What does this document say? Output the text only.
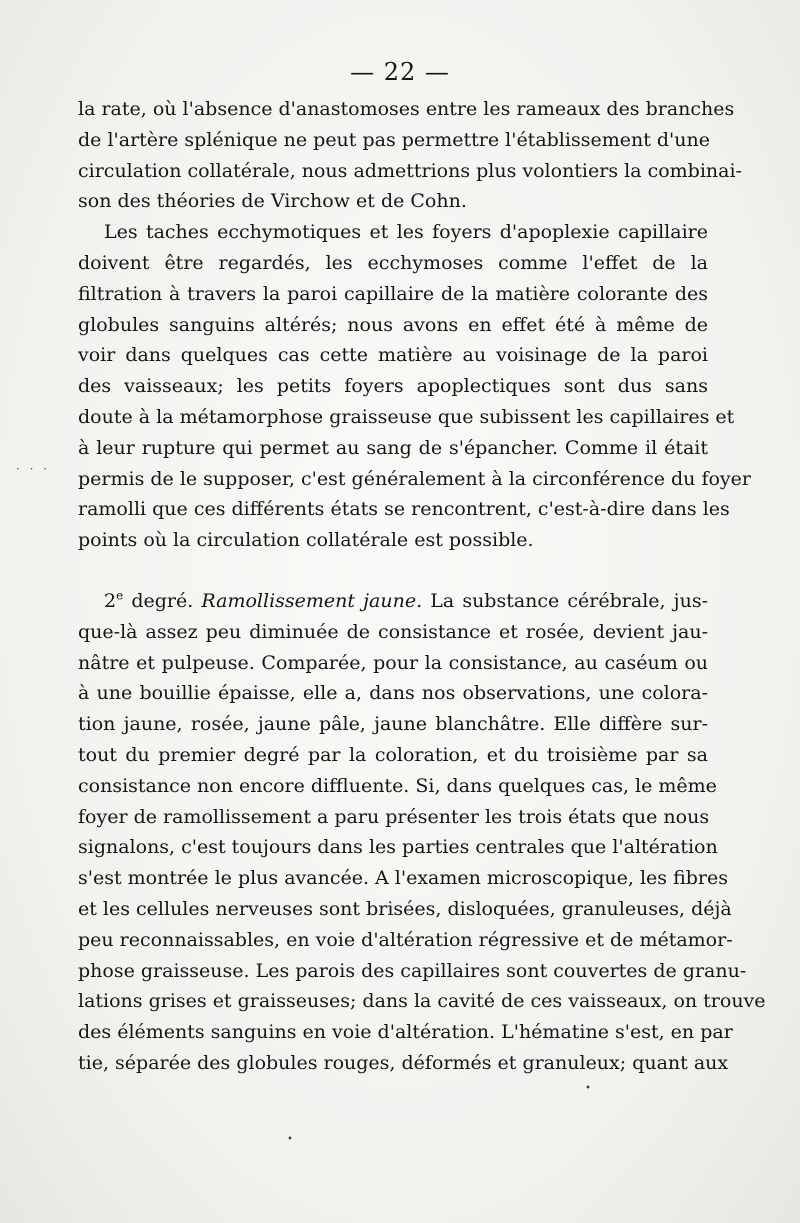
— 22 —
· · ·
•
•
la rate, où l'absence d'anastomoses entre les rameaux des branches
de l'artère splénique ne peut pas permettre l'établissement d'une
circulation collatérale, nous admettrions plus volontiers la combinai-
son des théories de Virchow et de Cohn.
Les taches ecchymotiques et les foyers d'apoplexie capillaire
doivent être regardés, les ecchymoses comme l'effet de la
filtration à travers la paroi capillaire de la matière colorante des
globules sanguins altérés; nous avons en effet été à même de
voir dans quelques cas cette matière au voisinage de la paroi
des vaisseaux; les petits foyers apoplectiques sont dus sans
doute à la métamorphose graisseuse que subissent les capillaires et
à leur rupture qui permet au sang de s'épancher. Comme il était
permis de le supposer, c'est généralement à la circonférence du foyer
ramolli que ces différents états se rencontrent, c'est-à-dire dans les
points où la circulation collatérale est possible.
2e degré. Ramollissement jaune. La substance cérébrale, jus-
que-là assez peu diminuée de consistance et rosée, devient jau-
nâtre et pulpeuse. Comparée, pour la consistance, au caséum ou
à une bouillie épaisse, elle a, dans nos observations, une colora-
tion jaune, rosée, jaune pâle, jaune blanchâtre. Elle diffère sur-
tout du premier degré par la coloration, et du troisième par sa
consistance non encore diffluente. Si, dans quelques cas, le même
foyer de ramollissement a paru présenter les trois états que nous
signalons, c'est toujours dans les parties centrales que l'altération
s'est montrée le plus avancée. A l'examen microscopique, les fibres
et les cellules nerveuses sont brisées, disloquées, granuleuses, déjà
peu reconnaissables, en voie d'altération régressive et de métamor-
phose graisseuse. Les parois des capillaires sont couvertes de granu-
lations grises et graisseuses; dans la cavité de ces vaisseaux, on trouve
des éléments sanguins en voie d'altération. L'hématine s'est, en par
tie, séparée des globules rouges, déformés et granuleux; quant aux
